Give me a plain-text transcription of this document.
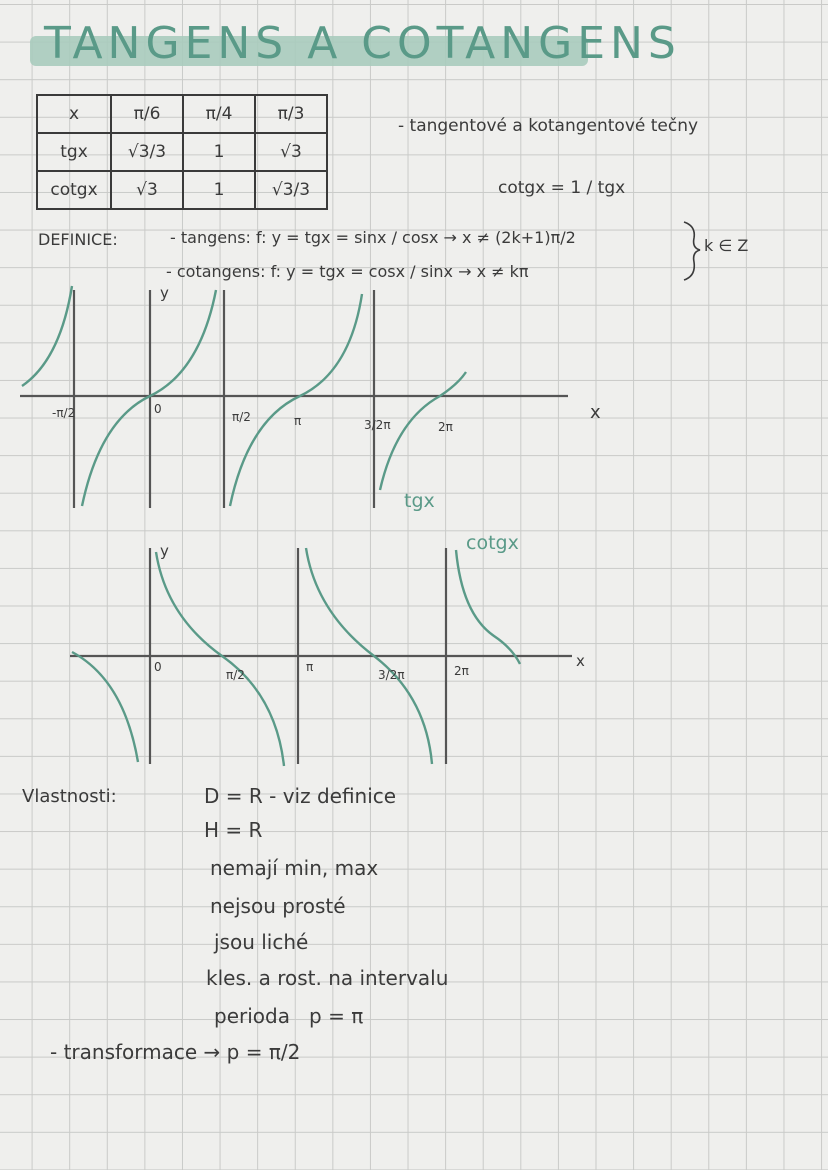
TANGENS A COTANGENS
x	π/6	π/4	π/3
tgx	√3/3	1	√3
cotgx	√3	1	√3/3
- tangentové a kotangentové tečny
cotgx = 1 / tgx
DEFINICE:	- tangens: f: y = tgx = sinx / cosx → x ≠ (2k+1)π/2
- cotangens: f: y = tgx = cosx / sinx → x ≠ kπ
k ∈ Z
x
y
0
-π/2	π/2	π	3/2π	2π
tgx
x
y
0
π/2
π
3/2π	2π
cotgx
Vlastnosti:	D = R - viz definice
H = R
nemají min, max
nejsou prosté
jsou liché
kles. a rost. na intervalu
perioda   p = π
- transformace → p = π/2
